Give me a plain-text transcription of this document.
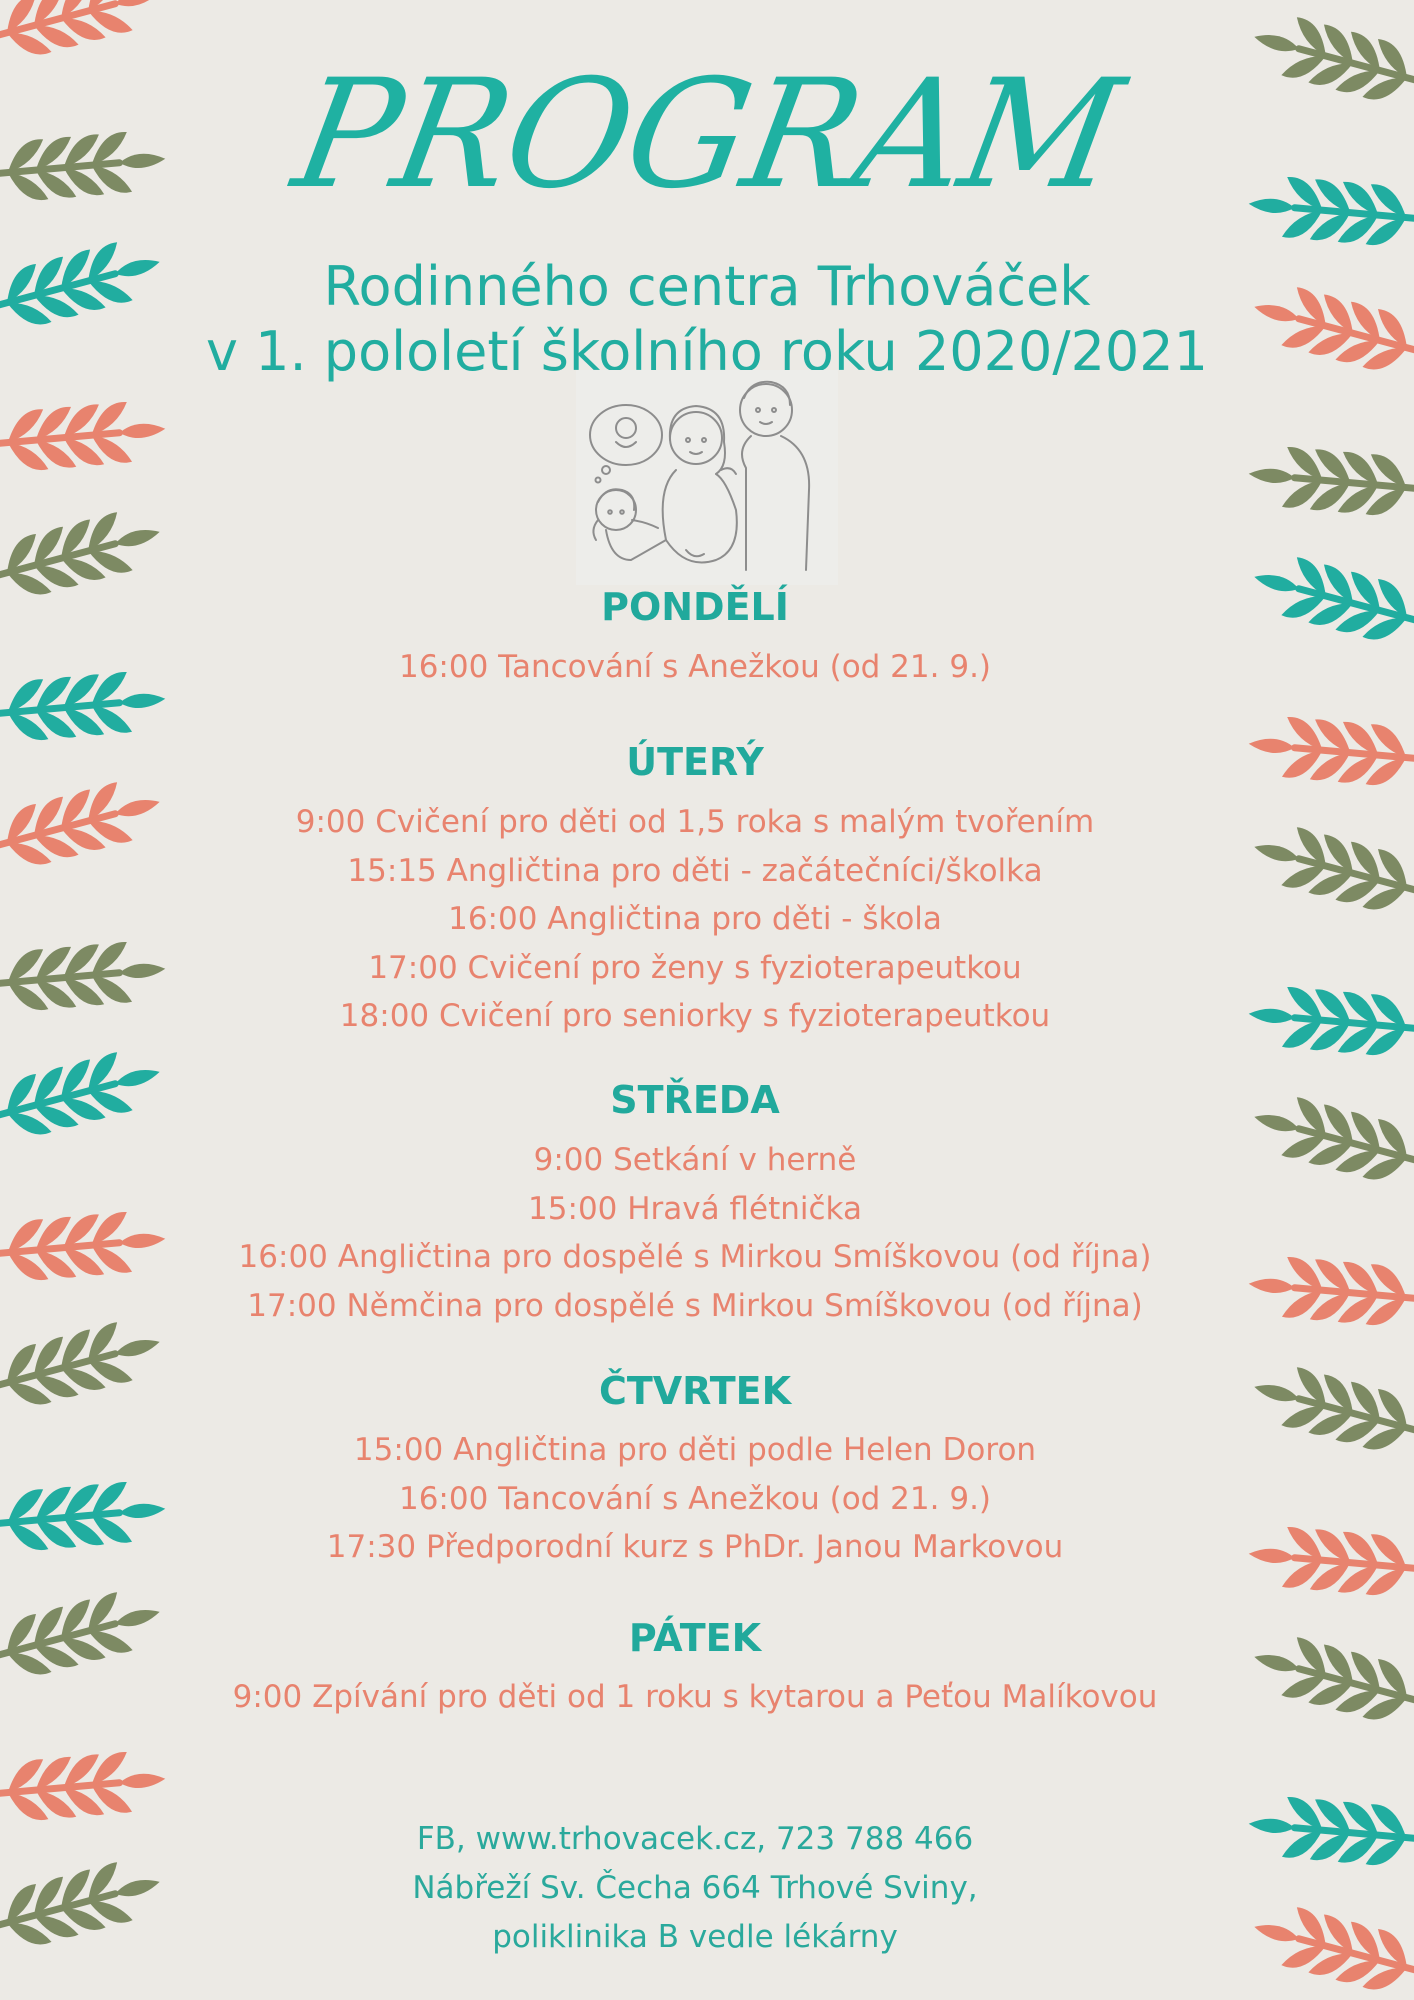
PROGRAM
Rodinného centra Trhováček
v 1. pololetí školního roku 2020/2021
PONDĚLÍ
16:00 Tancování s Anežkou (od 21. 9.)
ÚTERÝ
9:00 Cvičení pro děti od 1,5 roka s malým tvořením
15:15 Angličtina pro děti - začátečníci/školka
16:00 Angličtina pro děti - škola
17:00 Cvičení pro ženy s fyzioterapeutkou
18:00 Cvičení pro seniorky s fyzioterapeutkou
STŘEDA
9:00 Setkání v herně
15:00 Hravá flétnička
16:00 Angličtina pro dospělé s Mirkou Smíškovou (od října)
17:00 Němčina pro dospělé s Mirkou Smíškovou (od října)
ČTVRTEK
15:00 Angličtina pro děti podle Helen Doron
16:00 Tancování s Anežkou (od 21. 9.)
17:30 Předporodní kurz s PhDr. Janou Markovou
PÁTEK
9:00 Zpívání pro děti od 1 roku s kytarou a Peťou Malíkovou
FB, www.trhovacek.cz, 723 788 466
Nábřeží Sv. Čecha 664 Trhové Sviny,
poliklinika B vedle lékárny
